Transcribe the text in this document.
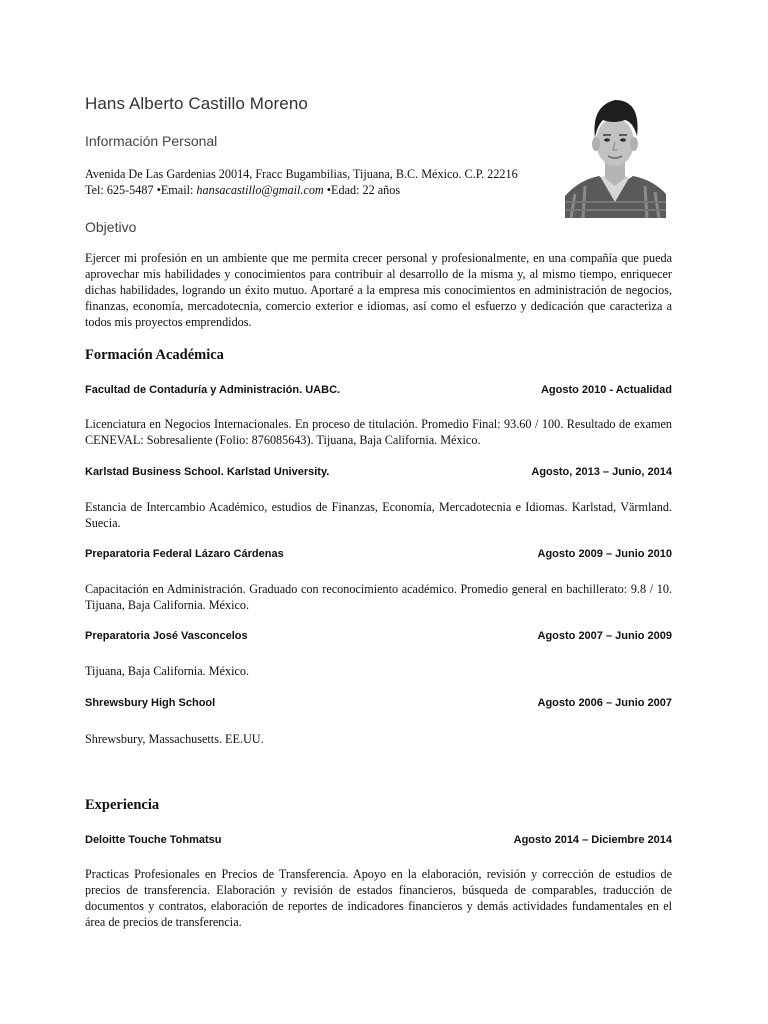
Hans Alberto Castillo Moreno
Información Personal
Avenida De Las Gardenias 20014, Fracc Bugambilias, Tijuana, B.C. México. C.P. 22216
Tel: 625-5487 •Email: hansacastillo@gmail.com •Edad: 22 años
Objetivo
Ejercer mi profesión en un ambiente que me permita crecer personal y profesionalmente, en una compañía que pueda aprovechar mis habilidades y conocimientos para contribuir al desarrollo de la misma y, al mismo tiempo, enriquecer dichas habilidades, logrando un éxito mutuo. Aportaré a la empresa mis conocimientos en administración de negocios, finanzas, economía, mercadotecnia, comercio exterior e idiomas, así como el esfuerzo y dedicación que caracteriza a todos mis proyectos emprendidos.
Formación Académica
Facultad de Contaduría y Administración. UABC.	Agosto 2010 - Actualidad
Licenciatura en Negocios Internacionales. En proceso de titulación. Promedio Final: 93.60 / 100. Resultado de examen CENEVAL: Sobresaliente (Folio: 876085643). Tijuana, Baja California. México.
Karlstad Business School. Karlstad University.	Agosto, 2013 – Junio, 2014
Estancia de Intercambio Académico, estudios de Finanzas, Economía, Mercadotecnia e Idiomas. Karlstad, Värmland. Suecia.
Preparatoria Federal Lázaro Cárdenas	Agosto 2009 – Junio 2010
Capacitación en Administración. Graduado con reconocimiento académico. Promedio general en bachillerato: 9.8 / 10. Tijuana, Baja California. México.
Preparatoria José Vasconcelos	Agosto 2007 – Junio 2009
Tijuana, Baja California. México.
Shrewsbury High School	Agosto 2006 – Junio 2007
Shrewsbury, Massachusetts. EE.UU.
Experiencia
Deloitte Touche Tohmatsu	Agosto 2014 – Diciembre 2014
Practicas Profesionales en Precios de Transferencia. Apoyo en la elaboración, revisión y corrección de estudios de precios de transferencia. Elaboración y revisión de estados financieros, búsqueda de comparables, traducción de documentos y contratos, elaboración de reportes de indicadores financieros y demás actividades fundamentales en el área de precios de transferencia.
